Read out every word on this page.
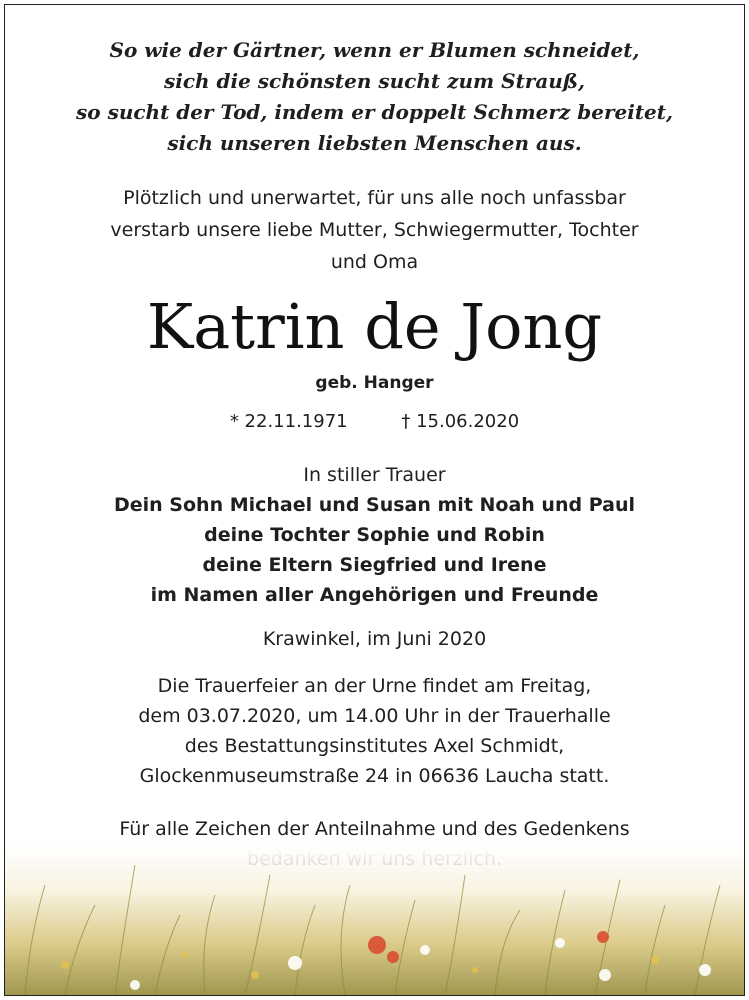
So wie der Gärtner, wenn er Blumen schneidet,
sich die schönsten sucht zum Strauß,
so sucht der Tod, indem er doppelt Schmerz bereitet,
sich unseren liebsten Menschen aus.
Plötzlich und unerwartet, für uns alle noch unfassbar
verstarb unsere liebe Mutter, Schwiegermutter, Tochter
und Oma
Katrin de Jong
geb. Hanger
* 22.11.1971	† 15.06.2020
In stiller Trauer
Dein Sohn Michael und Susan mit Noah und Paul
deine Tochter Sophie und Robin
deine Eltern Siegfried und Irene
im Namen aller Angehörigen und Freunde
Krawinkel, im Juni 2020
Die Trauerfeier an der Urne findet am Freitag,
dem 03.07.2020, um 14.00 Uhr in der Trauerhalle
des Bestattungsinstitutes Axel Schmidt,
Glockenmuseumstraße 24 in 06636 Laucha statt.
Für alle Zeichen der Anteilnahme und des Gedenkens
